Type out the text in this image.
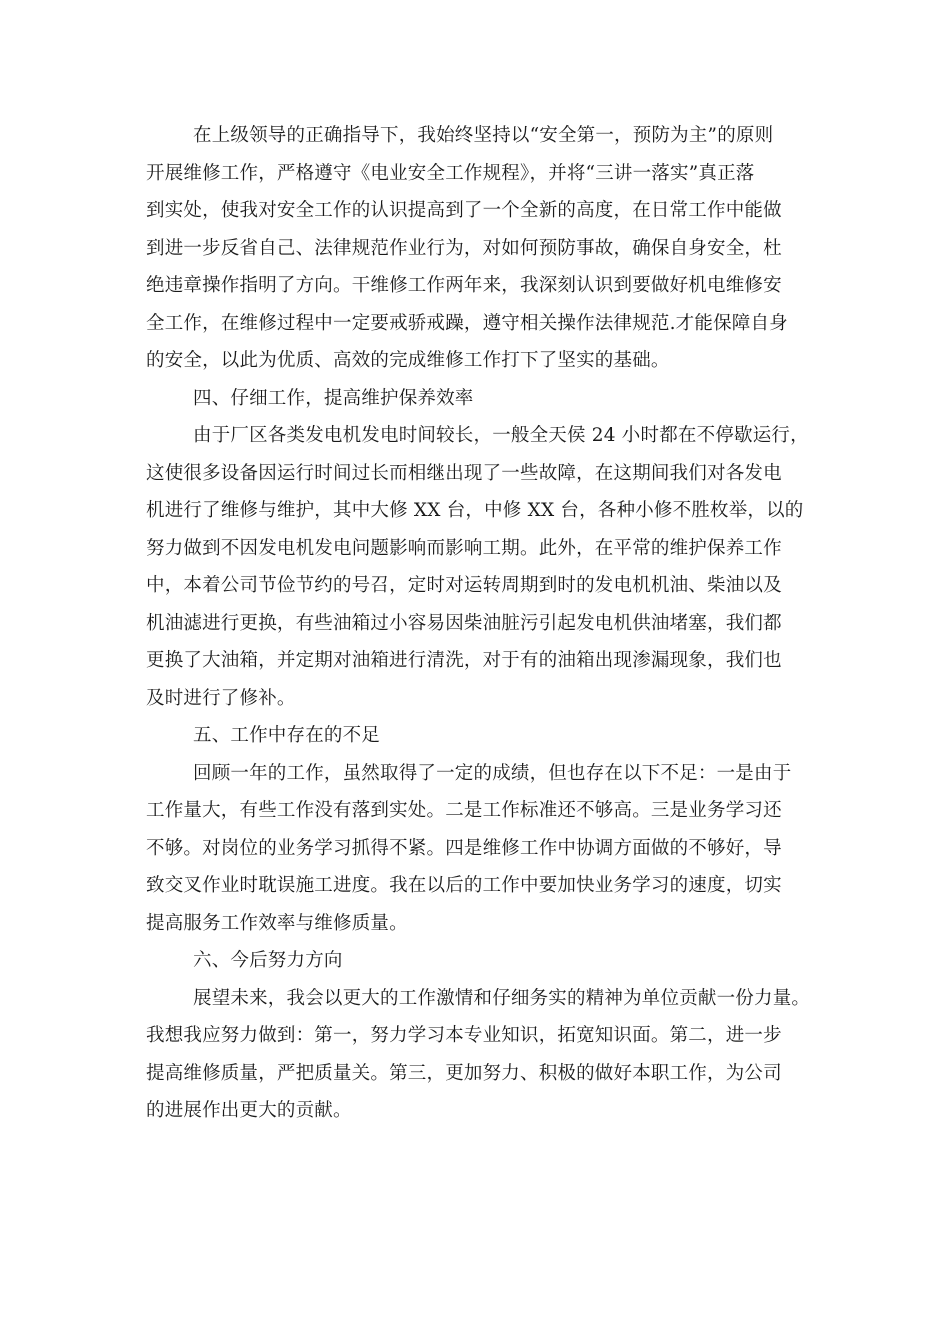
在上级领导的正确指导下，我始终坚持以“安全第一，预防为主”的原则

开展维修工作，严格遵守《电业安全工作规程》，并将“三讲一落实”真正落

到实处，使我对安全工作的认识提高到了一个全新的高度，在日常工作中能做

到进一步反省自己、法律规范作业行为，对如何预防事故，确保自身安全，杜

绝违章操作指明了方向。干维修工作两年来，我深刻认识到要做好机电维修安

全工作，在维修过程中一定要戒骄戒躁，遵守相关操作法律规范.才能保障自身

的安全，以此为优质、高效的完成维修工作打下了坚实的基础。

四、仔细工作，提高维护保养效率

由于厂区各类发电机发电时间较长，一般全天侯 24 小时都在不停歇运行，

这使很多设备因运行时间过长而相继出现了一些故障，在这期间我们对各发电

机进行了维修与维护，其中大修 XX 台，中修 XX 台，各种小修不胜枚举，以的

努力做到不因发电机发电问题影响而影响工期。此外，在平常的维护保养工作

中，本着公司节俭节约的号召，定时对运转周期到时的发电机机油、柴油以及

机油滤进行更换，有些油箱过小容易因柴油脏污引起发电机供油堵塞，我们都

更换了大油箱，并定期对油箱进行清洗，对于有的油箱出现渗漏现象，我们也

及时进行了修补。

五、工作中存在的不足

回顾一年的工作，虽然取得了一定的成绩，但也存在以下不足：一是由于

工作量大，有些工作没有落到实处。二是工作标准还不够高。三是业务学习还

不够。对岗位的业务学习抓得不紧。四是维修工作中协调方面做的不够好，导

致交叉作业时耽误施工进度。我在以后的工作中要加快业务学习的速度，切实

提高服务工作效率与维修质量。

六、今后努力方向

展望未来，我会以更大的工作激情和仔细务实的精神为单位贡献一份力量。

我想我应努力做到：第一，努力学习本专业知识，拓宽知识面。第二，进一步

提高维修质量，严把质量关。第三，更加努力、积极的做好本职工作，为公司

的进展作出更大的贡献。
